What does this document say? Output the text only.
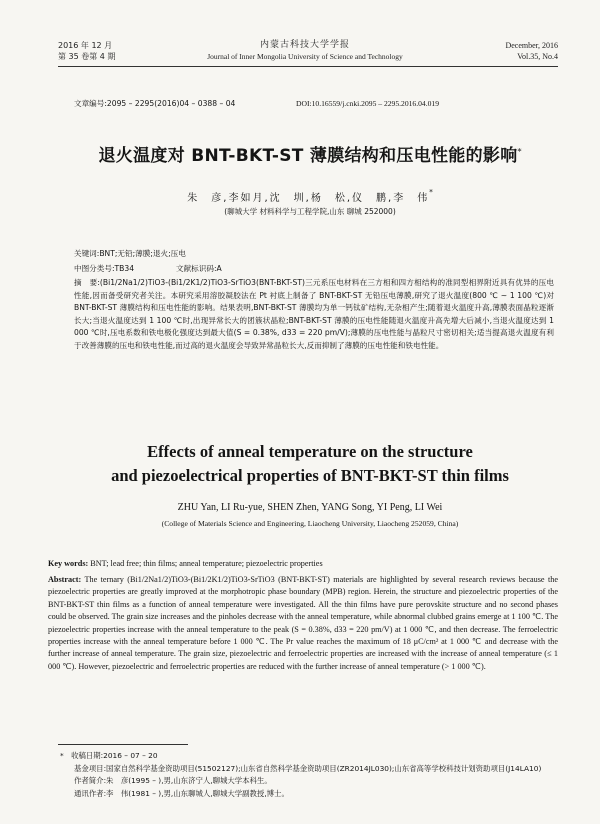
2016 年 12 月
第 35 卷第 4 期
内蒙古科技大学学报
Journal of Inner Mongolia University of Science and Technology
December, 2016
Vol.35, No.4
文章编号:2095 – 2295(2016)04 – 0388 – 04	DOI:10.16559/j.cnki.2095 – 2295.2016.04.019
退火温度对 BNT-BKT-ST 薄膜结构和压电性能的影响*
朱　彦,李如月,沈　圳,杨　松,仪　鹏,李　伟*
(聊城大学 材料科学与工程学院,山东 聊城 252000)
关键词:BNT;无铅;薄膜;退火;压电
中图分类号:TB34	文献标识码:A
摘　要:(Bi1/2Na1/2)TiO3-(Bi1/2K1/2)TiO3-SrTiO3(BNT-BKT-ST)三元系压电材料在三方相和四方相结构的准同型相界附近具有优异的压电性能,因而备受研究者关注。本研究采用溶胶凝胶法在 Pt 衬底上制备了 BNT-BKT-ST 无铅压电薄膜,研究了退火温度(800 ℃ ~ 1 100 ℃)对 BNT-BKT-ST 薄膜结构和压电性能的影响。结果表明,BNT-BKT-ST 薄膜均为单一钙钛矿结构,无杂相产生;随着退火温度升高,薄膜表面晶粒逐渐长大;当退火温度达到 1 100 ℃时,出现异常长大的团簇状晶粒;BNT-BKT-ST 薄膜的压电性能随退火温度升高先增大后减小,当退火温度达到 1 000 ℃时,压电系数和铁电极化强度达到最大值(S = 0.38%, d33 = 220 pm/V);薄膜的压电性能与晶粒尺寸密切相关;适当提高退火温度有利于改善薄膜的压电和铁电性能,而过高的退火温度会导致异常晶粒长大,反而抑制了薄膜的压电性能和铁电性能。
Effects of anneal temperature on the structure
and piezoelectrical properties of BNT-BKT-ST thin films
ZHU Yan, LI Ru-yue, SHEN Zhen, YANG Song, YI Peng, LI Wei
(College of Materials Science and Engineering, Liaocheng University, Liaocheng 252059, China)
Key words: BNT; lead free; thin films; anneal temperature; piezoelectric properties
Abstract: The ternary (Bi1/2Na1/2)TiO3-(Bi1/2K1/2)TiO3-SrTiO3 (BNT-BKT-ST) materials are highlighted by several research reviews because the piezoelectric properties are greatly improved at the morphotropic phase boundary (MPB) region. Herein, the structure and piezoelectric properties of the BNT-BKT-ST thin films as a function of anneal temperature were investigated. All the thin films have pure perovskite structure and no second phases could be observed. The grain size increases and the pinholes decrease with the anneal temperature, while abnormal clubbed grains emerge at 1 100 ℃. The piezoelectric properties increase with the anneal temperature to the peak (S = 0.38%, d33 = 220 pm/V) at 1 000 ℃, and then decrease. The ferroelectric properties increase with the anneal temperature before 1 000 ℃. The Pr value reaches the maximum of 18 μC/cm² at 1 000 ℃ and decrease with the further increase of anneal temperature. The grain size, piezoelectric and ferroelectric properties are increased with the increase of anneal temperature (≤ 1 000 ℃). However, piezoelectric and ferroelectric properties are reduced with the further increase of anneal temperature (> 1 000 ℃).
*　收稿日期:2016 – 07 – 20
基金项目:国家自然科学基金资助项目(51502127);山东省自然科学基金资助项目(ZR2014JL030);山东省高等学校科技计划资助项目(J14LA10)
作者简介:朱　彦(1995 – ),男,山东济宁人,聊城大学本科生。
通讯作者:李　伟(1981 – ),男,山东聊城人,聊城大学副教授,博士。
